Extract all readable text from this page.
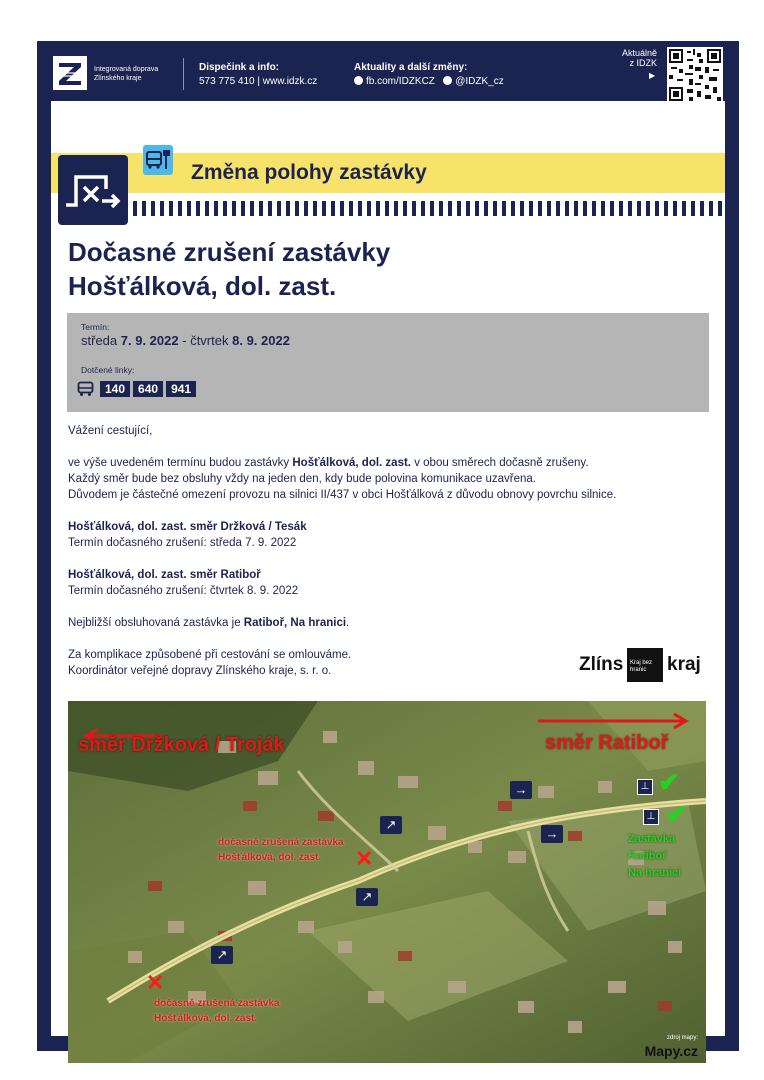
Integrovaná doprava
Zlínského kraje
Dispečink a info:
573 775 410 | www.idzk.cz
Aktuality a další změny:
fb.com/IDZKCZ @IDZK_cz
Aktuálně
z IDZK
▶
Změna polohy zastávky
Dočasné zrušení zastávky
Hošťálková, dol. zast.
Termín:
středa 7. 9. 2022 - čtvrtek 8. 9. 2022
Dotčené linky:
140	640	941

Vážení cestující,

ve výše uvedeném termínu budou zastávky Hošťálková, dol. zast. v obou směrech dočasně zrušeny.

Každý směr bude bez obsluhy vždy na jeden den, kdy bude polovina komunikace uzavřena.

Důvodem je částečné omezení provozu na silnici II/437 v obci Hošťálková z důvodu obnovy povrchu silnice.

Hošťálková, dol. zast. směr Držková / Tesák

Termín dočasného zrušení: středa 7. 9. 2022

Hošťálková, dol. zast. směr Ratiboř

Termín dočasného zrušení: čtvrtek 8. 9. 2022

Nejbližší obsluhovaná zastávka je Ratiboř, Na hranici.

Za komplikace způsobené při cestování se omlouváme.

Koordinátor veřejné dopravy Zlínského kraje, s. r. o.	Zlíns Kraj bez
hranic	kraj
směr Držková / Troják	směr Ratiboř
→
↗
→
↗
↗
⊥
⊥
✔
✔
✕
✕
dočasně zrušená zastávka
Hošťálková, dol. zast.
dočasně zrušená zastávka
Hošťálková, dol. zast.
Zastávka
Ratiboř
Na hranici
zdroj mapy:
Mapy.cz
